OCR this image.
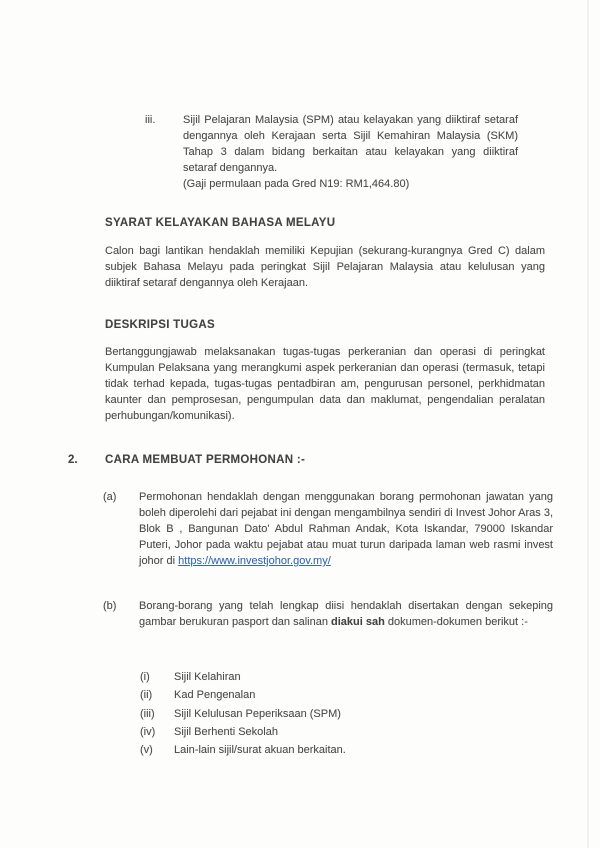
iii.	Sijil Pelajaran Malaysia (SPM) atau kelayakan yang diiktiraf setaraf dengannya oleh Kerajaan serta Sijil Kemahiran Malaysia (SKM) Tahap 3 dalam bidang berkaitan atau kelayakan yang diiktiraf setaraf dengannya.
(Gaji permulaan pada Gred N19: RM1,464.80)
SYARAT KELAYAKAN BAHASA MELAYU
Calon bagi lantikan hendaklah memiliki Kepujian (sekurang-kurangnya Gred C) dalam subjek Bahasa Melayu pada peringkat Sijil Pelajaran Malaysia atau kelulusan yang diiktiraf setaraf dengannya oleh Kerajaan.
DESKRIPSI TUGAS
Bertanggungjawab melaksanakan tugas-tugas perkeranian dan operasi di peringkat Kumpulan Pelaksana yang merangkumi aspek perkeranian dan operasi (termasuk, tetapi tidak terhad kepada, tugas-tugas pentadbiran am, pengurusan personel, perkhidmatan kaunter dan pemprosesan, pengumpulan data dan maklumat, pengendalian peralatan perhubungan/komunikasi).
2.	CARA MEMBUAT PERMOHONAN :-
(a)	Permohonan hendaklah dengan menggunakan borang permohonan jawatan yang boleh diperolehi dari pejabat ini dengan mengambilnya sendiri di Invest Johor Aras 3, Blok B , Bangunan Dato' Abdul Rahman Andak, Kota Iskandar, 79000 Iskandar Puteri, Johor pada waktu pejabat atau muat turun daripada laman web rasmi invest johor di https://www.investjohor.gov.my/
(b)	Borang-borang yang telah lengkap diisi hendaklah disertakan dengan sekeping gambar berukuran pasport dan salinan diakui sah dokumen-dokumen berikut :-
(i)	Sijil Kelahiran
(ii)	Kad Pengenalan
(iii)	Sijil Kelulusan Peperiksaan (SPM)
(iv)	Sijil Berhenti Sekolah
(v)	Lain-lain sijil/surat akuan berkaitan.
